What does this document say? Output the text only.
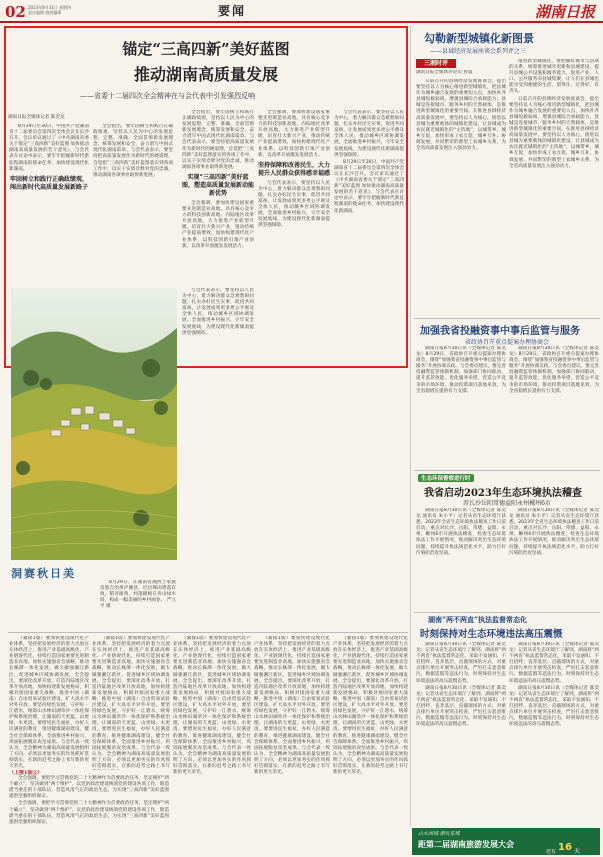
02 2023年8月31日 星期四
责任编辑 值班编辑	要闻	湖南日报
锚定“三高四新”美好蓝图
推动湖南高质量发展
——省委十二届四次全会精神在与会代表中引发强烈反响
湖南日报全媒体记者 陈奕龙

8月29日至30日，中国共产党湖南省十二届委员会第四次全体会议在长沙召开。会议审议通过了《中共湖南省委关于锚定“三高四新”美好蓝图 加快推动湖南高质量发展的若干意见》，与会代表在讨论中表示，要牢牢把握新时代新征程湖南的使命任务，加快建设现代化新湖南。

牢固树立和践行正确政绩观，闯出新时代高质量发展新路子

全会指出，要牢固树立和践行正确政绩观，坚持以人民为中心的发展思想，完整、准确、全面贯彻新发展理念，统筹发展和安全，奋力谱写中国式现代化湖南篇章。与会代表表示，要坚持把高质量发展作为新时代的硬道理，自觉把“三高四新”美好蓝图落实到各项工作中，以实干实绩诠释对党的忠诚，推动湖南各项事业取得新进展。

全会指出，要牢固树立和践行正确政绩观，坚持以人民为中心的发展思想，完整、准确、全面贯彻新发展理念，统筹发展和安全，奋力谱写中国式现代化湖南篇章。与会代表表示，要坚持把高质量发展作为新时代的硬道理，自觉把“三高四新”美好蓝图落实到各项工作中，以实干实绩诠释对党的忠诚，推动湖南各项事业取得新进展。

实现“三高四新”美好蓝图，塑造高质量发展新动能新优势

全会强调，要加快建设国家重要先进制造业高地、具有核心竞争力的科技创新高地、内陆地区改革开放高地，大力推进产业转型升级，培育壮大新兴产业，推动传统产业提质增效，加快构建现代化产业体系，以科技创新引领产业创新，以改革开放激发发展活力。

全会强调，要加快建设国家重要先进制造业高地、具有核心竞争力的科技创新高地、内陆地区改革开放高地，大力推进产业转型升级，培育壮大新兴产业，推动传统产业提质增效，加快构建现代化产业体系，以科技创新引领产业创新，以改革开放激发发展活力。

坚持保障和改善民生，大力提升人民群众获得感幸福感

与会代表表示，要坚持以人民为中心，着力解决群众急难愁盼问题，扎实办好民生实事，促进共同富裕，让发展成果更多更公平惠及全体人民，推动城乡区域协调发展，全面推进乡村振兴，守牢安全发展底线，为建设现代化新湖南提供坚强保障。

与会代表表示，要坚持以人民为中心，着力解决群众急难愁盼问题，扎实办好民生实事，促进共同富裕，让发展成果更多更公平惠及全体人民，推动城乡区域协调发展，全面推进乡村振兴，守牢安全发展底线，为建设现代化新湖南提供坚强保障。

8月29日至30日，中国共产党湖南省十二届委员会第四次全体会议在长沙召开。会议审议通过了《中共湖南省委关于锚定“三高四新”美好蓝图 加快推动湖南高质量发展的若干意见》，与会代表在讨论中表示，要牢牢把握新时代新征程湖南的使命任务，加快建设现代化新湖南。

与会代表表示，要坚持以人民为中心，着力解决群众急难愁盼问题，扎实办好民生实事，促进共同富裕，让发展成果更多更公平惠及全体人民，推动城乡区域协调发展，全面推进乡村振兴，守牢安全发展底线，为建设现代化新湖南提供坚强保障。

洞赛秋日美

8月29日，在湖南省湘西土家族苗族自治州泸溪县，层层梯田错落有致，稻谷渐黄，村落掩映在青山绿水间，构成一幅美丽的乡村画卷。 严立平 摄

（紧接1版）要加快建设现代化产业体系，坚持把发展经济的着力点放在实体经济上，推进产业基础高级化、产业链现代化，持续打造国家重要先进制造业高地。加快实施强省会战略，推动长株潭一体化发展，做大做强湘江新区，促进城乡区域协调发展。全会提出，要深化改革开放，打造内陆地区改革开放高地，加快构建新发展格局，积极对接国家重大战略，推进中国（湖南）自由贸易试验区建设，扩大高水平对外开放。要坚持绿色发展，守护好一江碧水，统筹山水林田湖草沙一体化保护和系统治理，让湖南的天更蓝、山更绿、水更清。要增进民生福祉，办好人民满意的教育，推进健康湖南建设，健全社会保障体系，全面推进乡村振兴，巩固拓展脱贫攻坚成果。与会代表一致认为，全会精神为湖南高质量发展指明了方向，必须以更加务实的作风抓好贯彻落实，在新的赶考之路上书写新的更大荣光。

（紧接1版）要加快建设现代化产业体系，坚持把发展经济的着力点放在实体经济上，推进产业基础高级化、产业链现代化，持续打造国家重要先进制造业高地。加快实施强省会战略，推动长株潭一体化发展，做大做强湘江新区，促进城乡区域协调发展。全会提出，要深化改革开放，打造内陆地区改革开放高地，加快构建新发展格局，积极对接国家重大战略，推进中国（湖南）自由贸易试验区建设，扩大高水平对外开放。要坚持绿色发展，守护好一江碧水，统筹山水林田湖草沙一体化保护和系统治理，让湖南的天更蓝、山更绿、水更清。要增进民生福祉，办好人民满意的教育，推进健康湖南建设，健全社会保障体系，全面推进乡村振兴，巩固拓展脱贫攻坚成果。与会代表一致认为，全会精神为湖南高质量发展指明了方向，必须以更加务实的作风抓好贯彻落实，在新的赶考之路上书写

（紧接1版）要加快建设现代化产业体系，坚持把发展经济的着力点放在实体经济上，推进产业基础高级化、产业链现代化，持续打造国家重要先进制造业高地。加快实施强省会战略，推动长株潭一体化发展，做大做强湘江新区，促进城乡区域协调发展。全会提出，要深化改革开放，打造内陆地区改革开放高地，加快构建新发展格局，积极对接国家重大战略，推进中国（湖南）自由贸易试验区建设，扩大高水平对外开放。要坚持绿色发展，守护好一江碧水，统筹山水林田湖草沙一体化保护和系统治理，让湖南的天更蓝、山更绿、水更清。要增进民生福祉，办好人民满意的教育，推进健康湖南建设，健全社会保障体系，全面推进乡村振兴，巩固拓展脱贫攻坚成果。与会代表一致认为，全会精神为湖南高质量发展指明了方向，必须以更加务实的作风抓好贯彻落实，在新的赶考之路上书写新的更大荣光。

（紧接1版）要加快建设现代化产业体系，坚持把发展经济的着力点放在实体经济上，推进产业基础高级化、产业链现代化，持续打造国家重要先进制造业高地。加快实施强省会战略，推动长株潭一体化发展，做大做强湘江新区，促进城乡区域协调发展。全会提出，要深化改革开放，打造内陆地区改革开放高地，加快构建新发展格局，积极对接国家重大战略，推进中国（湖南）自由贸易试验区建设，扩大高水平对外开放。要坚持绿色发展，守护好一江碧水，统筹山水林田湖草沙一体化保护和系统治理，让湖南的天更蓝、山更绿、水更清。要增进民生福祉，办好人民满意的教育，推进健康湖南建设，健全社会保障体系，全面推进乡村振兴，巩固拓展脱贫攻坚成果。与会代表一致认为，全会精神为湖南高质量发展指明了方向，必须以更加务实的作风抓好贯彻落实，在新的赶考之路上书写新的更大荣光。

（紧接1版）要加快建设现代化产业体系，坚持把发展经济的着力点放在实体经济上，推进产业基础高级化、产业链现代化，持续打造国家重要先进制造业高地。加快实施强省会战略，推动长株潭一体化发展，做大做强湘江新区，促进城乡区域协调发展。全会提出，要深化改革开放，打造内陆地区改革开放高地，加快构建新发展格局，积极对接国家重大战略，推进中国（湖南）自由贸易试验区建设，扩大高水平对外开放。要坚持绿色发展，守护好一江碧水，统筹山水林田湖草沙一体化保护和系统治理，让湖南的天更蓝、山更绿、水更清。要增进民生福祉，办好人民满意的教育，推进健康湖南建设，健全社会保障体系，全面推进乡村振兴，巩固拓展脱贫攻坚成果。与会代表一致认为，全会精神为湖南高质量发展指明了方向，必须以更加务实的作风抓好贯彻落实，在新的赶考之路上书写新的更大荣光。

（上接1版②）

全会强调，要把学习贯彻党的二十大精神作为首要政治任务，坚定拥护“两个确立”，坚决做到“两个维护”，以党的政治建设统领党的建设各项工作，锻造堪当重任的干部队伍，营造风清气正的政治生态，为实现“三高四新”美好蓝图提供坚强组织保证。

全会强调，要把学习贯彻党的二十大精神作为首要政治任务，坚定拥护“两个确立”，坚决做到“两个维护”，以党的政治建设统领党的建设各项工作，锻造堪当重任的干部队伍，营造风清气正的政治生态，为实现“三高四新”美好蓝图提供坚强组织保证。

勾勒新型城镇化新图景
——县域经济发展座谈会系列评之三
三湘时评
湖南日报全媒体评论员 曾震

日前召开的县域经济发展座谈会，提出要坚持以人为核心推进新型城镇化，把县城作为城乡融合发展的重要切入点，加快补齐县城短板弱项，增强县城综合承载能力。县城是连接城市、服务乡村的天然载体，是推进新型城镇化的重要空间。在推进县域经济高质量发展中，要坚持以人为核心，推进以县城为重要载体的城镇化建设，让县城成为农民就近城镇化的“主阵地”，以城带乡、城乡互促，加快形成工农互促、城乡互补、协调发展、共同繁荣的新型工农城乡关系，为全省高质量发展注入强劲动力。

推进新型城镇化，要把握好城市与县域的关系，统筹推进城市更新和县城建设，提升县城公共设施和服务能力，促进产业、人口、公共服务向县城集聚，让人们在县城也能享受到便捷的生活，留得住、过得好、有奔头。

日前召开的县域经济发展座谈会，提出要坚持以人为核心推进新型城镇化，把县城作为城乡融合发展的重要切入点，加快补齐县城短板弱项，增强县城综合承载能力。县城是连接城市、服务乡村的天然载体，是推进新型城镇化的重要空间。在推进县域经济高质量发展中，要坚持以人为核心，推进以县城为重要载体的城镇化建设，让县城成为农民就近城镇化的“主阵地”，以城带乡、城乡互促，加快形成工农互促、城乡互补、协调发展、共同繁荣的新型工农城乡关系，为全省高质量发展注入强劲动力。

加强我省投融资事中事后监管与服务
省政协召开重点提案办理协商会

湖南日报8月30日讯（全媒体记者 陈奕龙）8月29日，省政协召开重点提案办理协商会，围绕“加强我省投融资事中事后监管与服务”开展协商议政。与会委员建议，要完善投融资监管体制机制，加强部门协同联动，提升监管效能，优化服务举措，营造公平竞争的市场环境，推动投资项目落地见效，为全省稳增长提供有力支撑。

湖南日报8月30日讯（全媒体记者 陈奕龙）8月29日，省政协召开重点提案办理协商会，围绕“加强我省投融资事中事后监管与服务”开展协商议政。与会委员建议，要完善投融资监管体制机制，加强部门协同联动，提升监管效能，优化服务举措，营造公平竞争的市场环境，推动投资项目落地见效，为全省稳增长提供有力支撑。

生态环保督察进行时
我省启动2023年生态环境执法稽查
涉长沙岳阳常德益阳永州郴州6市

湖南日报8月30日讯（全媒体记者 陈奕龙 通讯员 朱小平）记者从省生态环境厅获悉，2023年全省生态环境执法稽查工作日前启动，重点对长沙、岳阳、常德、益阳、永州、郴州6市开展执法稽查，检查生态环境执法工作开展情况，推动解决突出生态环境问题，持续提升执法规范化水平，助力打好污染防治攻坚战。

湖南日报8月30日讯（全媒体记者 陈奕龙 通讯员 朱小平）记者从省生态环境厅获悉，2023年全省生态环境执法稽查工作日前启动，重点对长沙、岳阳、常德、益阳、永州、郴州6市开展执法稽查，检查生态环境执法工作开展情况，推动解决突出生态环境问题，持续提升执法规范化水平，助力打好污染防治攻坚战。

湖南“两不两直”执法监督常态化
时刻保持对生态环境违法高压震慑

湖南日报8月30日讯（全媒体记者 陈奕龙）记者从省生态环境厅了解到，湖南将“两不两直”执法监督常态化，采取不发通知、不打招呼、直奔基层、直插现场的方式，对重点排污单位开展突击检查，严厉打击恶意排污、数据造假等违法行为，时刻保持对生态环境违法的高压震慑态势。

湖南日报8月30日讯（全媒体记者 陈奕龙）记者从省生态环境厅了解到，湖南将“两不两直”执法监督常态化，采取不发通知、不打招呼、直奔基层、直插现场的方式，对重点排污单位开展突击检查，严厉打击恶意排污、数据造假等违法行为，时刻保持对生态环境违法的高压震慑态势。

湖南日报8月30日讯（全媒体记者 陈奕龙）记者从省生态环境厅了解到，湖南将“两不两直”执法监督常态化，采取不发通知、不打招呼、直奔基层、直插现场的方式，对重点排污单位开展突击检查，严厉打击恶意排污、数据造假等违法行为，时刻保持对生态环境违法的高压震慑态势。

湖南日报8月30日讯（全媒体记者 陈奕龙）记者从省生态环境厅了解到，湖南将“两不两直”执法监督常态化，采取不发通知、不打招呼、直奔基层、直插现场的方式，对重点排污单位开展突击检查，严厉打击恶意排污、数据造假等违法行为，时刻保持对生态环境违法的高压震慑态势。

山水洲城·潮玩星城
距第二届湖南旅游发展大会
还有 16 天
